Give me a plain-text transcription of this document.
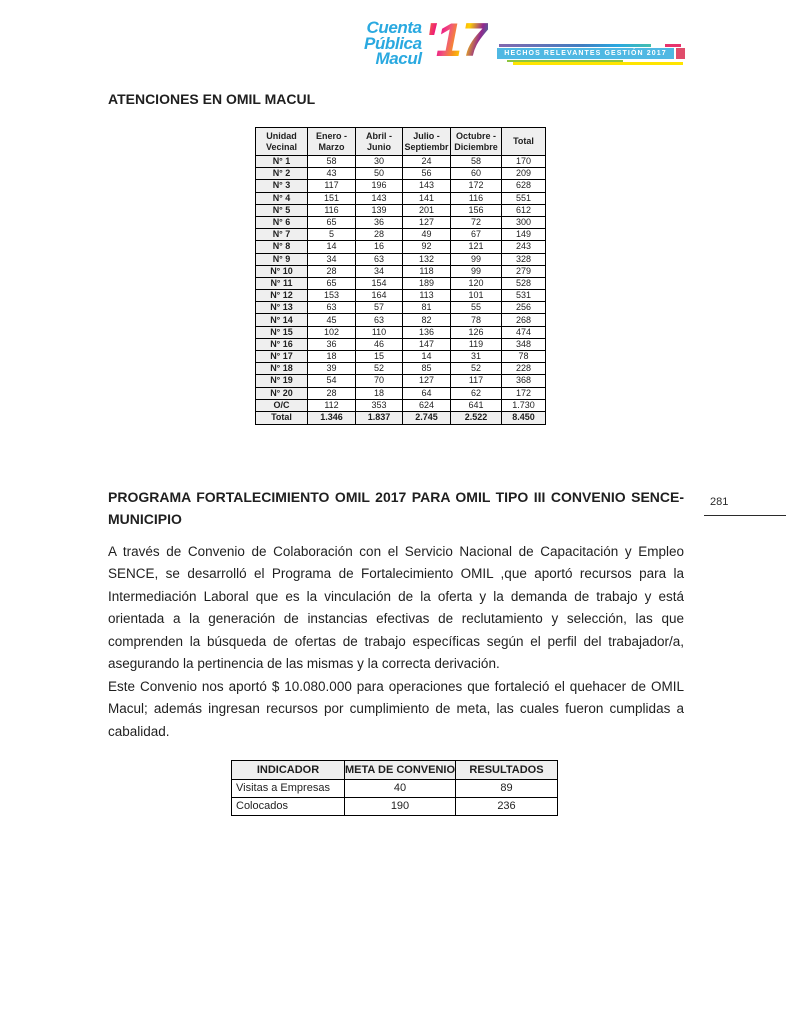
Cuenta
Pública
Macul '17	HECHOS RELEVANTES GESTIÓN 2017
ATENCIONES EN OMIL MACUL
Unidad Vecinal	Enero - Marzo	Abril - Junio	Julio - Septiembr	Octubre - Diciembre	Total
N° 1	58	30	24	58	170
N° 2	43	50	56	60	209
N° 3	117	196	143	172	628
N° 4	151	143	141	116	551
N° 5	116	139	201	156	612
N° 6	65	36	127	72	300
N° 7	5	28	49	67	149
N° 8	14	16	92	121	243
N° 9	34	63	132	99	328
N° 10	28	34	118	99	279
N° 11	65	154	189	120	528
N° 12	153	164	113	101	531
N° 13	63	57	81	55	256
N° 14	45	63	82	78	268
N° 15	102	110	136	126	474
N° 16	36	46	147	119	348
N° 17	18	15	14	31	78
N° 18	39	52	85	52	228
N° 19	54	70	127	117	368
N° 20	28	18	64	62	172
O/C	112	353	624	641	1.730
Total	1.346	1.837	2.745	2.522	8.450
281
PROGRAMA FORTALECIMIENTO OMIL 2017 PARA OMIL TIPO III CONVENIO SENCE-
MUNICIPIO

A través de Convenio de Colaboración con el Servicio Nacional de Capacitación y Empleo SENCE, se desarrolló el Programa de Fortalecimiento OMIL ,que aportó recursos para la Intermediación Laboral que es la vinculación de la oferta y la demanda de trabajo y está orientada a la generación de instancias efectivas de reclutamiento y selección, las que comprenden la búsqueda de ofertas de trabajo específicas según el perfil del trabajador/a, asegurando la pertinencia de las mismas y la correcta derivación.

Este Convenio nos aportó $ 10.080.000 para operaciones que fortaleció el quehacer de OMIL Macul; además ingresan recursos por cumplimiento de meta, las cuales fueron cumplidas a cabalidad.

INDICADOR	META DE CONVENIO	RESULTADOS
Visitas a Empresas	40	89
Colocados	190	236
